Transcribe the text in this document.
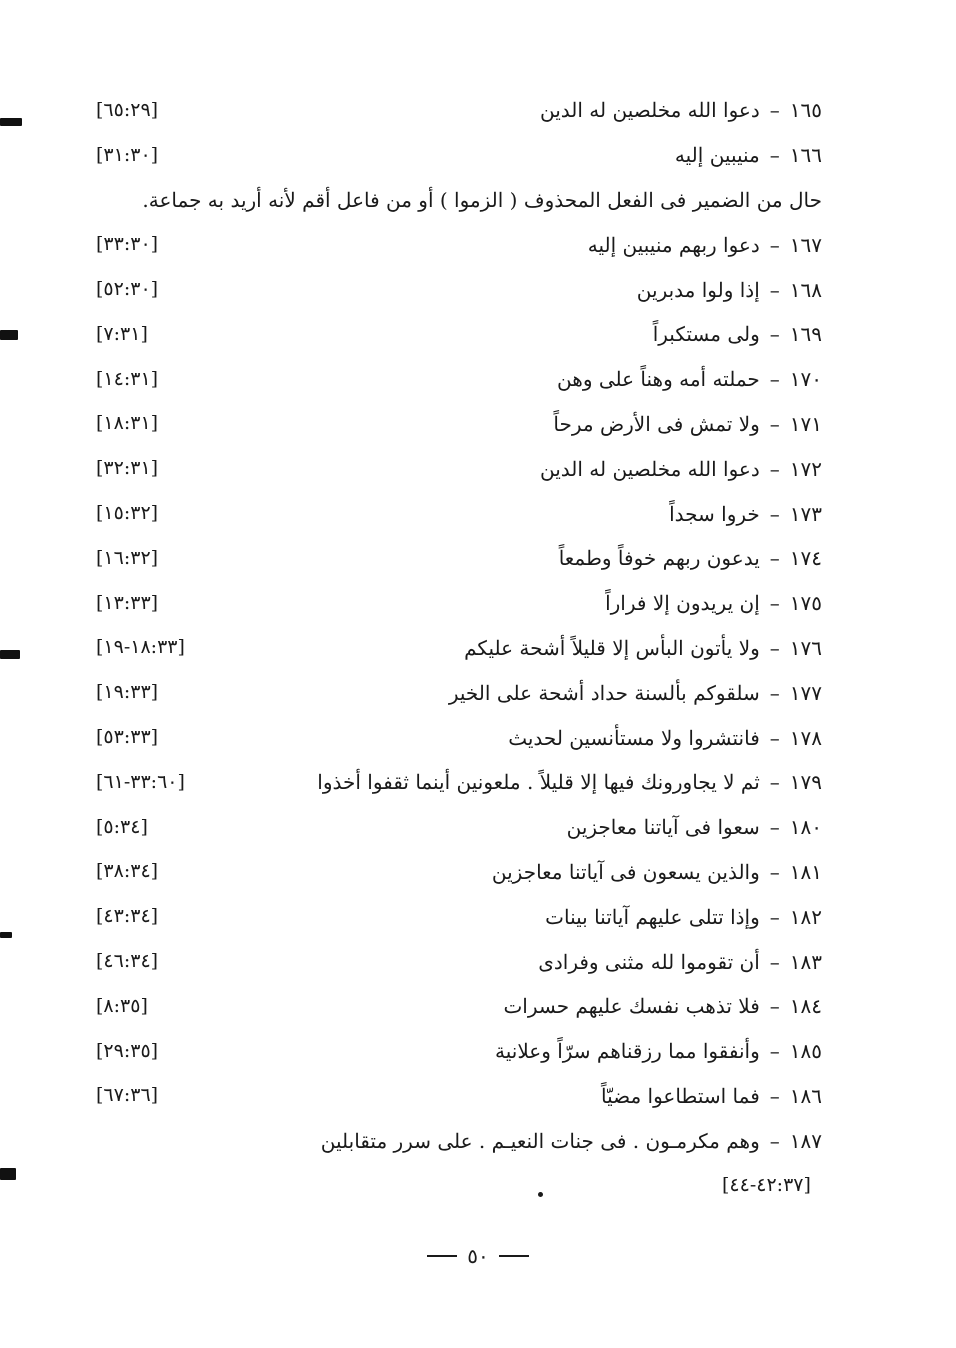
١٦٥
–
دعوا الله مخلصين له الدين
[٦٥:٢٩]
١٦٦
–
منيبين إليه
[٣١:٣٠]
حال من الضمير فى الفعل المحذوف ( الزموا ) أو من فاعل أقم لأنه أريد به جماعة.
١٦٧
–
دعوا ربهم منيبين إليه
[٣٣:٣٠]
١٦٨
–
إذا ولوا مدبرين
[٥٢:٣٠]
١٦٩
–
ولى مستكبراً
[٧:٣١]
١٧٠
–
حملته أمه وهناً على وهن
[١٤:٣١]
١٧١
–
ولا تمش فى الأرض مرحاً
[١٨:٣١]
١٧٢
–
دعوا الله مخلصين له الدين
[٣٢:٣١]
١٧٣
–
خروا سجداً
[١٥:٣٢]
١٧٤
–
يدعون ربهم خوفاً وطمعاً
[١٦:٣٢]
١٧٥
–
إن يريدون إلا فراراً
[١٣:٣٣]
١٧٦
–
ولا يأتون البأس إلا قليلاً أشحة عليكم
[١٨:٣٣-١٩]
١٧٧
–
سلقوكم بألسنة حداد أشحة على الخير
[١٩:٣٣]
١٧٨
–
فانتشروا ولا مستأنسين لحديث
[٥٣:٣٣]
١٧٩
–
ثم لا يجاورونك فيها إلا قليلاً . ملعونين أينما ثقفوا أخذوا
[٣٣:٦٠-٦١]
١٨٠
–
سعوا فى آياتنا معاجزين
[٥:٣٤]
١٨١
–
والذين يسعون فى آياتنا معاجزين
[٣٨:٣٤]
١٨٢
–
وإذا تتلى عليهم آياتنا بينات
[٤٣:٣٤]
١٨٣
–
أن تقوموا لله مثنى وفرادى
[٤٦:٣٤]
١٨٤
–
فلا تذهب نفسك عليهم حسرات
[٨:٣٥]
١٨٥
–
وأنفقوا مما رزقناهم سرّاً وعلانية
[٢٩:٣٥]
١٨٦
–
فما استطاعوا مضيّاً
[٦٧:٣٦]
١٨٧
–
وهم مكرمـون . فى جنات النعيـم . على سرر متقابلين
[٤٢:٣٧-٤٤]
٥٠
